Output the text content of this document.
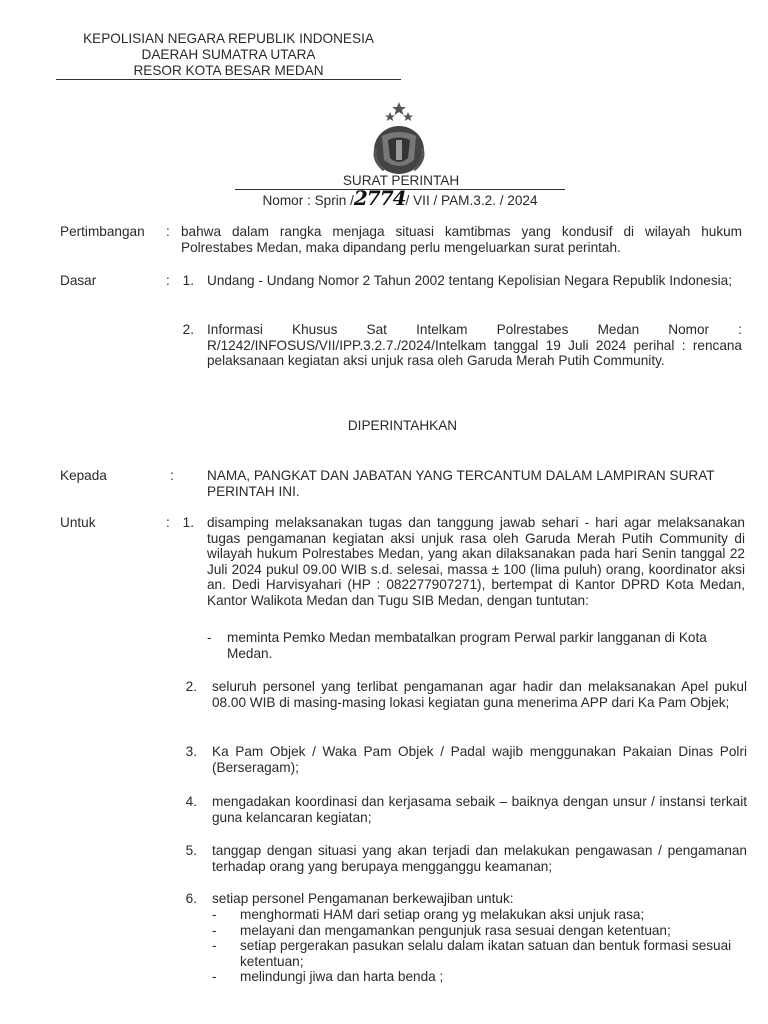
KEPOLISIAN NEGARA REPUBLIK INDONESIA
DAERAH SUMATRA UTARA
RESOR KOTA BESAR MEDAN
SURAT PERINTAH
Nomor : Sprin /2774/ VII / PAM.3.2. / 2024
Pertimbangan	: bahwa dalam rangka menjaga situasi kamtibmas yang kondusif di wilayah hukum Polrestabes Medan, maka dipandang perlu mengeluarkan surat perintah.

Dasar	: 1. Undang - Undang Nomor 2 Tahun 2002 tentang Kepolisian Negara Republik Indonesia;

2. Informasi Khusus Sat Intelkam Polrestabes Medan Nomor : R/1242/INFOSUS/VII/IPP.3.2.7./2024/Intelkam tanggal 19 Juli 2024 perihal : rencana pelaksanaan kegiatan aksi unjuk rasa oleh Garuda Merah Putih Community.

DIPERINTAHKAN
Kepada	:	NAMA, PANGKAT DAN JABATAN YANG TERCANTUM DALAM LAMPIRAN SURAT PERINTAH INI.

Untuk	: 1. disamping melaksanakan tugas dan tanggung jawab sehari - hari agar melaksanakan tugas pengamanan kegiatan aksi unjuk rasa oleh Garuda Merah Putih Community di wilayah hukum Polrestabes Medan, yang akan dilaksanakan pada hari Senin tanggal 22 Juli 2024 pukul 09.00 WIB s.d. selesai, massa ± 100 (lima puluh) orang, koordinator aksi an. Dedi Harvisyahari (HP : 082277907271), bertempat di Kantor DPRD Kota Medan, Kantor Walikota Medan dan Tugu SIB Medan, dengan tuntutan:

- meminta Pemko Medan membatalkan program Perwal parkir langganan di Kota Medan.
2. seluruh personel yang terlibat pengamanan agar hadir dan melaksanakan Apel pukul 08.00 WIB di masing-masing lokasi kegiatan guna menerima APP dari Ka Pam Objek;

3. Ka Pam Objek / Waka Pam Objek / Padal wajib menggunakan Pakaian Dinas Polri (Berseragam);

4. mengadakan koordinasi dan kerjasama sebaik – baiknya dengan unsur / instansi terkait guna kelancaran kegiatan;

5. tanggap dengan situasi yang akan terjadi dan melakukan pengawasan / pengamanan terhadap orang yang berupaya mengganggu keamanan;

6. setiap personel Pengamanan berkewajiban untuk:

- menghormati HAM dari setiap orang yg melakukan aksi unjuk rasa;
- melayani dan mengamankan pengunjuk rasa sesuai dengan ketentuan;
- setiap pergerakan pasukan selalu dalam ikatan satuan dan bentuk formasi sesuai ketentuan;
- melindungi jiwa dan harta benda ;
